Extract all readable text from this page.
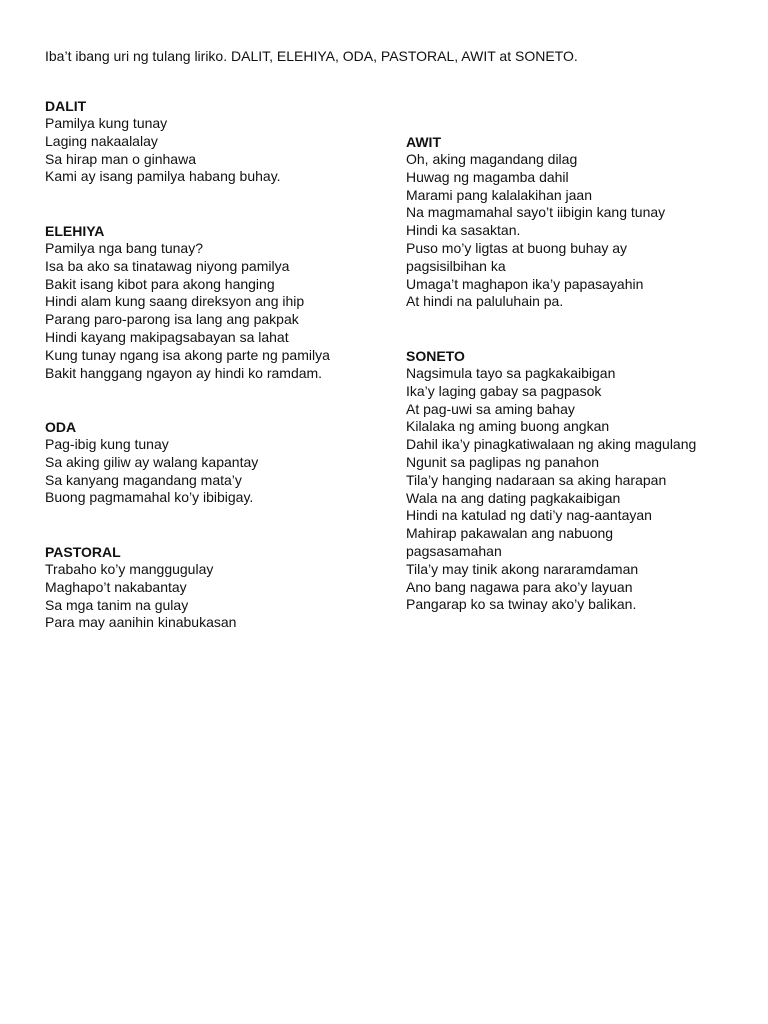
Iba’t ibang uri ng tulang liriko. DALIT, ELEHIYA, ODA, PASTORAL, AWIT at SONETO.
DALIT
Pamilya kung tunay
Laging nakaalalay
Sa hirap man o ginhawa
Kami ay isang pamilya habang buhay.
ELEHIYA
Pamilya nga bang tunay?
Isa ba ako sa tinatawag niyong pamilya
Bakit isang kibot para akong hanging
Hindi alam kung saang direksyon ang ihip
Parang paro-parong isa lang ang pakpak
Hindi kayang makipagsabayan sa lahat
Kung tunay ngang isa akong parte ng pamilya
Bakit hanggang ngayon ay hindi ko ramdam.
ODA
Pag-ibig kung tunay
Sa aking giliw ay walang kapantay
Sa kanyang magandang mata’y
Buong pagmamahal ko’y ibibigay.
PASTORAL
Trabaho ko’y manggugulay
Maghapo’t nakabantay
Sa mga tanim na gulay
Para may aanihin kinabukasan
AWIT
Oh, aking magandang dilag
Huwag ng magamba dahil
Marami pang kalalakihan jaan
Na magmamahal sayo’t iibigin kang tunay
Hindi ka sasaktan.
Puso mo’y ligtas at buong buhay ay
pagsisilbihan ka
Umaga’t maghapon ika’y papasayahin
At hindi na paluluhain pa.
SONETO
Nagsimula tayo sa pagkakaibigan
Ika’y laging gabay sa pagpasok
At pag-uwi sa aming bahay
Kilalaka ng aming buong angkan
Dahil ika’y pinagkatiwalaan ng aking magulang
Ngunit sa paglipas ng panahon
Tila’y hanging nadaraan sa aking harapan
Wala na ang dating pagkakaibigan
Hindi na katulad ng dati’y nag-aantayan
Mahirap pakawalan ang nabuong
pagsasamahan
Tila’y may tinik akong nararamdaman
Ano bang nagawa para ako’y layuan
Pangarap ko sa twinay ako’y balikan.
